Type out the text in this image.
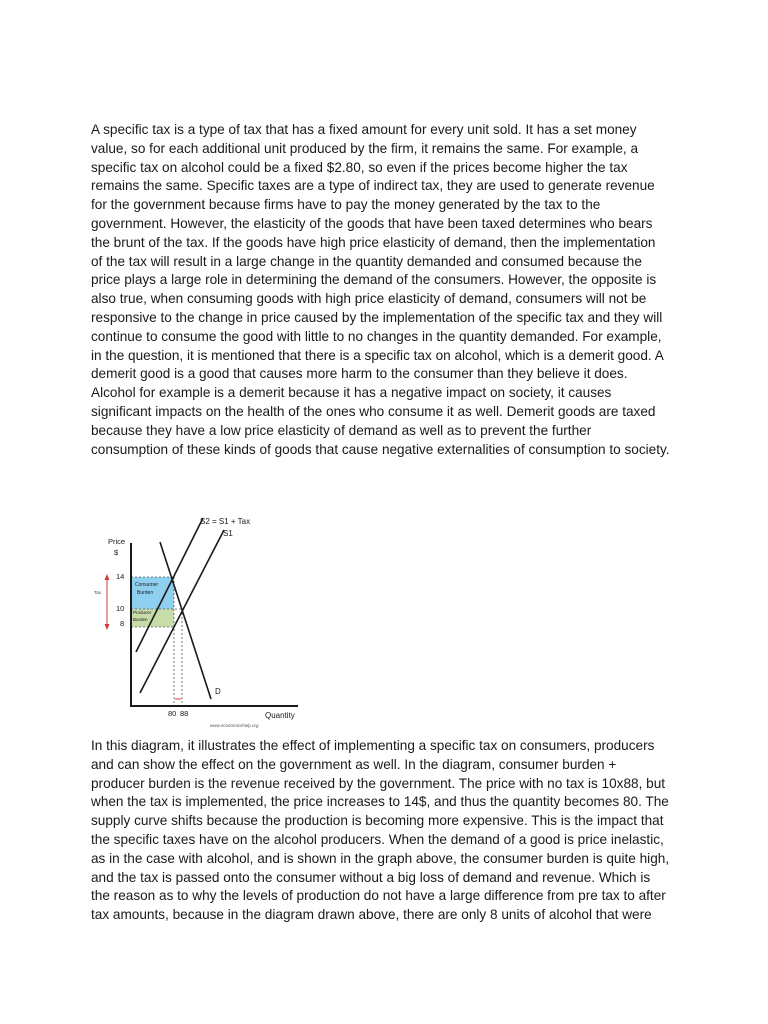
A specific tax is a type of tax that has a fixed amount for every unit sold. It has a set money
value, so for each additional unit produced by the firm, it remains the same. For example, a
specific tax on alcohol could be a fixed $2.80, so even if the prices become higher the tax
remains the same. Specific taxes are a type of indirect tax, they are used to generate revenue
for the government because firms have to pay the money generated by the tax to the
government. However, the elasticity of the goods that have been taxed determines who bears
the brunt of the tax. If the goods have high price elasticity of demand, then the implementation
of the tax will result in a large change in the quantity demanded and consumed because the
price plays a large role in determining the demand of the consumers. However, the opposite is
also true, when consuming goods with high price elasticity of demand, consumers will not be
responsive to the change in price caused by the implementation of the specific tax and they will
continue to consume the good with little to no changes in the quantity demanded. For example,
in the question, it is mentioned that there is a specific tax on alcohol, which is a demerit good. A
demerit good is a good that causes more harm to the consumer than they believe it does.
Alcohol for example is a demerit because it has a negative impact on society, it causes
significant impacts on the health of the ones who consume it as well. Demerit goods are taxed
because they have a low price elasticity of demand as well as to prevent the further
consumption of these kinds of goods that cause negative externalities of consumption to society.
S2 = S1 + Tax
S1
D
Price
$
Quantity
Tax
14
10
8
80 88
Consumer
Burden
Producer
Burden
www.economicshelp.org
In this diagram, it illustrates the effect of implementing a specific tax on consumers, producers
and can show the effect on the government as well. In the diagram, consumer burden +
producer burden is the revenue received by the government. The price with no tax is 10x88, but
when the tax is implemented, the price increases to 14$, and thus the quantity becomes 80. The
supply curve shifts because the production is becoming more expensive. This is the impact that
the specific taxes have on the alcohol producers. When the demand of a good is price inelastic,
as in the case with alcohol, and is shown in the graph above, the consumer burden is quite high,
and the tax is passed onto the consumer without a big loss of demand and revenue. Which is
the reason as to why the levels of production do not have a large difference from pre tax to after
tax amounts, because in the diagram drawn above, there are only 8 units of alcohol that were
